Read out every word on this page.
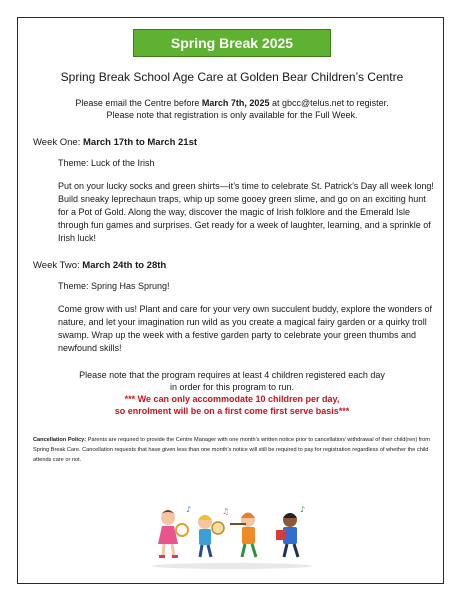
Spring Break 2025
Spring Break School Age Care at Golden Bear Children’s Centre
Please email the Centre before March 7th, 2025 at gbcc@telus.net to register.
Please note that registration is only available for the Full Week.
Week One: March 17th to March 21st
Theme: Luck of the Irish
Put on your lucky socks and green shirts—it’s time to celebrate St. Patrick’s Day all week long! Build sneaky leprechaun traps, whip up some gooey green slime, and go on an exciting hunt for a Pot of Gold. Along the way, discover the magic of Irish folklore and the Emerald Isle through fun games and surprises. Get ready for a week of laughter, learning, and a sprinkle of Irish luck!
Week Two: March 24th to 28th
Theme: Spring Has Sprung!
Come grow with us! Plant and care for your very own succulent buddy, explore the wonders of nature, and let your imagination run wild as you create a magical fairy garden or a quirky troll swamp. Wrap up the week with a festive garden party to celebrate your green thumbs and newfound skills!
Please note that the program requires at least 4 children registered each day
in order for this program to run.
*** We can only accommodate 10 children per day,
so enrolment will be on a first come first serve basis***
Cancellation Policy: Parents are required to provide the Centre Manager with one month’s written notice prior to cancellation/ withdrawal of their child(ren) from Spring Break Care. Cancellation requests that have given less than one month’s notice will still be required to pay for registration regardless of whether the child attends care or not.
♪	♫	♪
